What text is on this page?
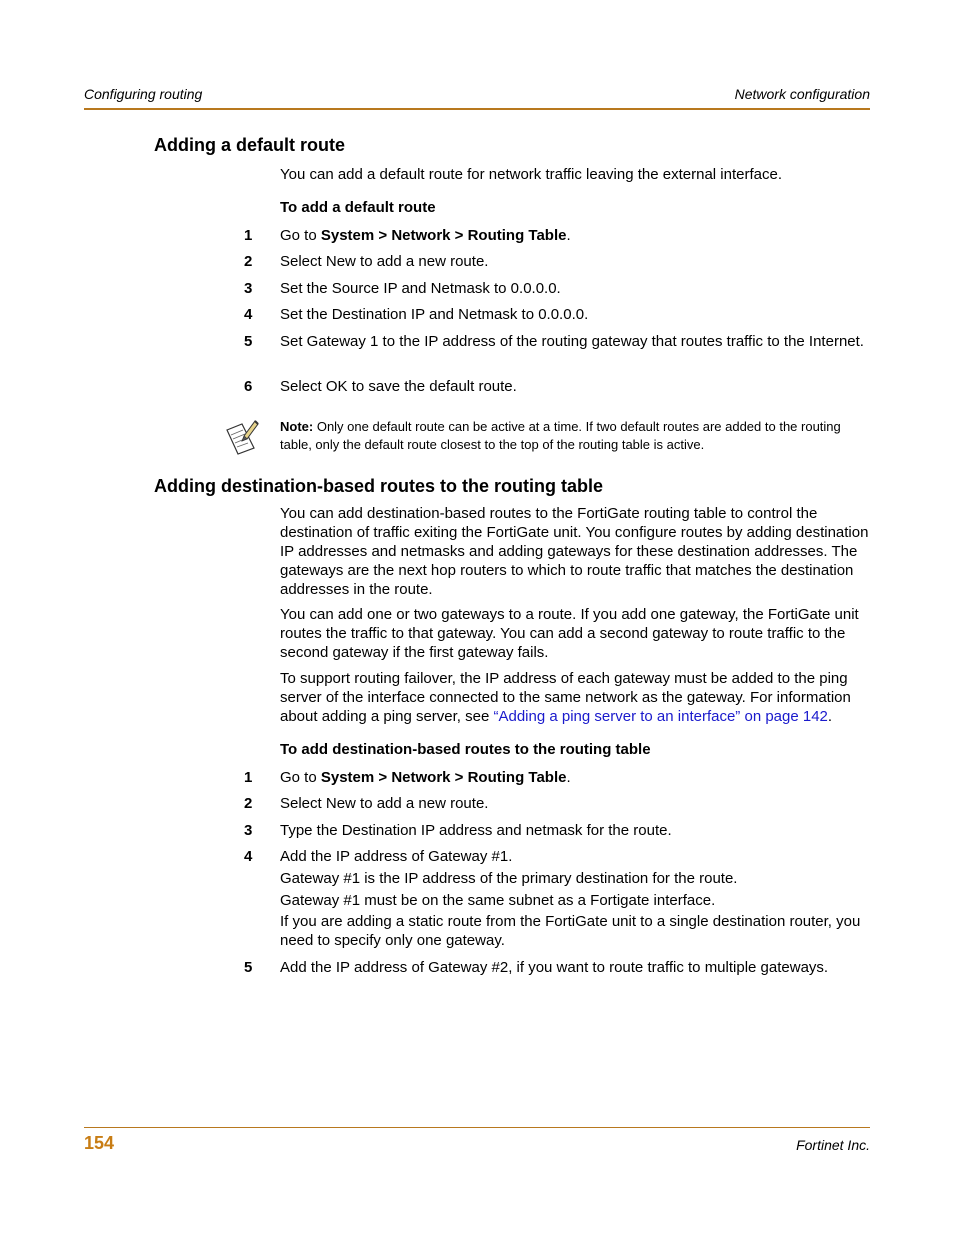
Configuring routing	Network configuration
Adding a default route
You can add a default route for network traffic leaving the external interface.
To add a default route
1 Go to System > Network > Routing Table.
2 Select New to add a new route.
3 Set the Source IP and Netmask to 0.0.0.0.
4 Set the Destination IP and Netmask to 0.0.0.0.
5 Set Gateway 1 to the IP address of the routing gateway that routes traffic to the Internet.
6 Select OK to save the default route.
Note: Only one default route can be active at a time. If two default routes are added to the routing table, only the default route closest to the top of the routing table is active.
Adding destination-based routes to the routing table
You can add destination-based routes to the FortiGate routing table to control the destination of traffic exiting the FortiGate unit. You configure routes by adding destination IP addresses and netmasks and adding gateways for these destination addresses. The gateways are the next hop routers to which to route traffic that matches the destination addresses in the route.
You can add one or two gateways to a route. If you add one gateway, the FortiGate unit routes the traffic to that gateway. You can add a second gateway to route traffic to the second gateway if the first gateway fails.
To support routing failover, the IP address of each gateway must be added to the ping server of the interface connected to the same network as the gateway. For information about adding a ping server, see “Adding a ping server to an interface” on page 142.
To add destination-based routes to the routing table
1 Go to System > Network > Routing Table.
2 Select New to add a new route.
3 Type the Destination IP address and netmask for the route.
4 Add the IP address of Gateway #1.
Gateway #1 is the IP address of the primary destination for the route.
Gateway #1 must be on the same subnet as a Fortigate interface.
If you are adding a static route from the FortiGate unit to a single destination router, you need to specify only one gateway.
5 Add the IP address of Gateway #2, if you want to route traffic to multiple gateways.
154	Fortinet Inc.
